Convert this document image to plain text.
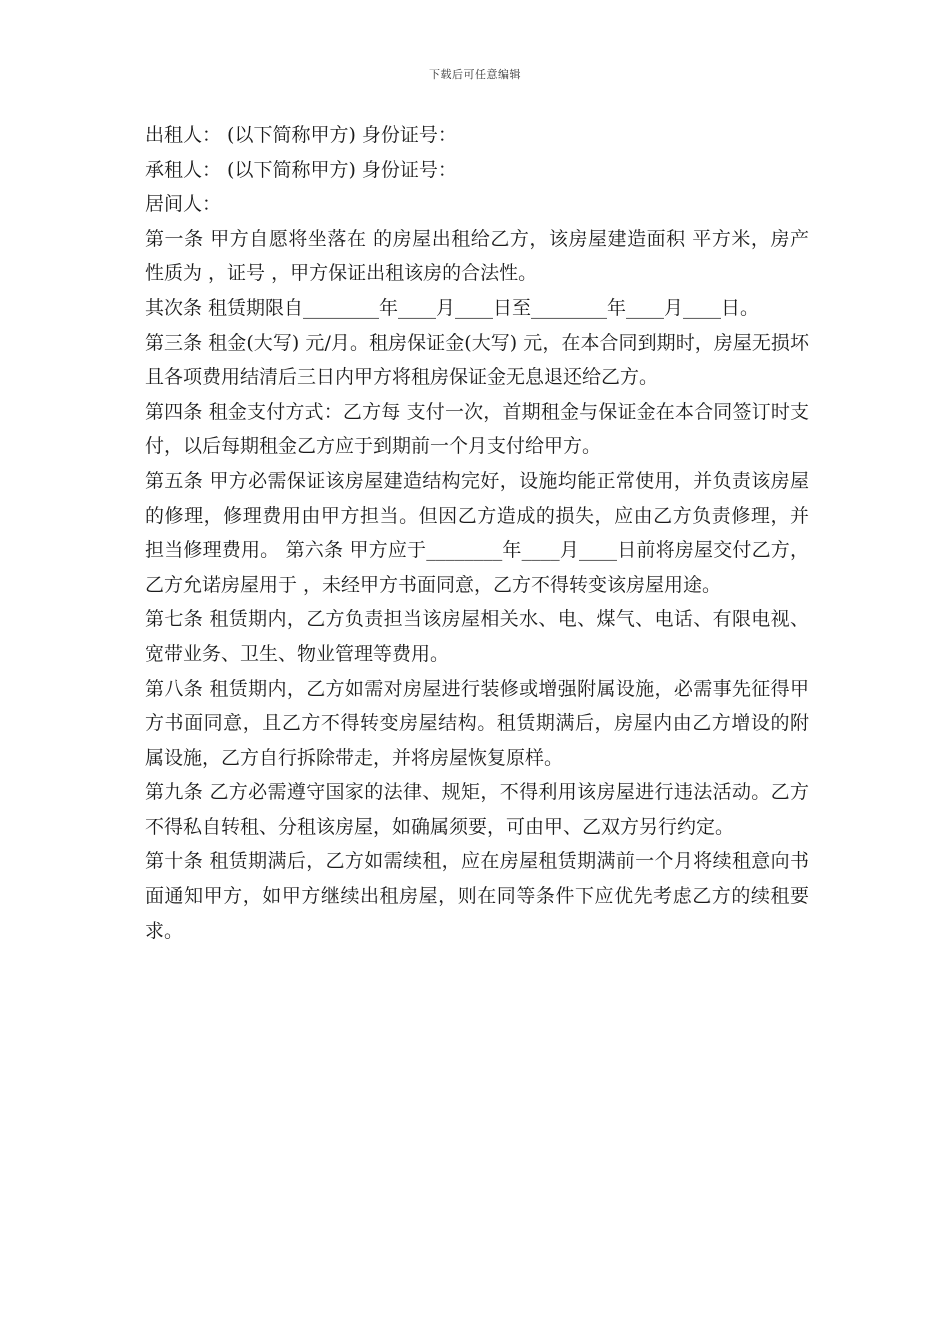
下载后可任意编辑

出租人： (以下简称甲方) 身份证号：

承租人： (以下简称甲方) 身份证号：

居间人：

第一条 甲方自愿将坐落在 的房屋出租给乙方，该房屋建造面积 平方米，房产性质为 ，证号 ，甲方保证出租该房的合法性。

其次条 租赁期限自________年____月____日至________年____月____日。

第三条 租金(大写) 元/月。租房保证金(大写) 元，在本合同到期时，房屋无损坏且各项费用结清后三日内甲方将租房保证金无息退还给乙方。

第四条 租金支付方式：乙方每 支付一次，首期租金与保证金在本合同签订时支付，以后每期租金乙方应于到期前一个月支付给甲方。

第五条 甲方必需保证该房屋建造结构完好，设施均能正常使用，并负责该房屋的修理，修理费用由甲方担当。但因乙方造成的损失，应由乙方负责修理，并担当修理费用。 第六条 甲方应于________年____月____日前将房屋交付乙方，乙方允诺房屋用于 ，未经甲方书面同意，乙方不得转变该房屋用途。

第七条 租赁期内，乙方负责担当该房屋相关水、电、煤气、电话、有限电视、宽带业务、卫生、物业管理等费用。

第八条 租赁期内，乙方如需对房屋进行装修或增强附属设施，必需事先征得甲方书面同意，且乙方不得转变房屋结构。租赁期满后，房屋内由乙方增设的附属设施，乙方自行拆除带走，并将房屋恢复原样。

第九条 乙方必需遵守国家的法律、规矩，不得利用该房屋进行违法活动。乙方不得私自转租、分租该房屋，如确属须要，可由甲、乙双方另行约定。

第十条 租赁期满后，乙方如需续租，应在房屋租赁期满前一个月将续租意向书面通知甲方，如甲方继续出租房屋，则在同等条件下应优先考虑乙方的续租要求。
